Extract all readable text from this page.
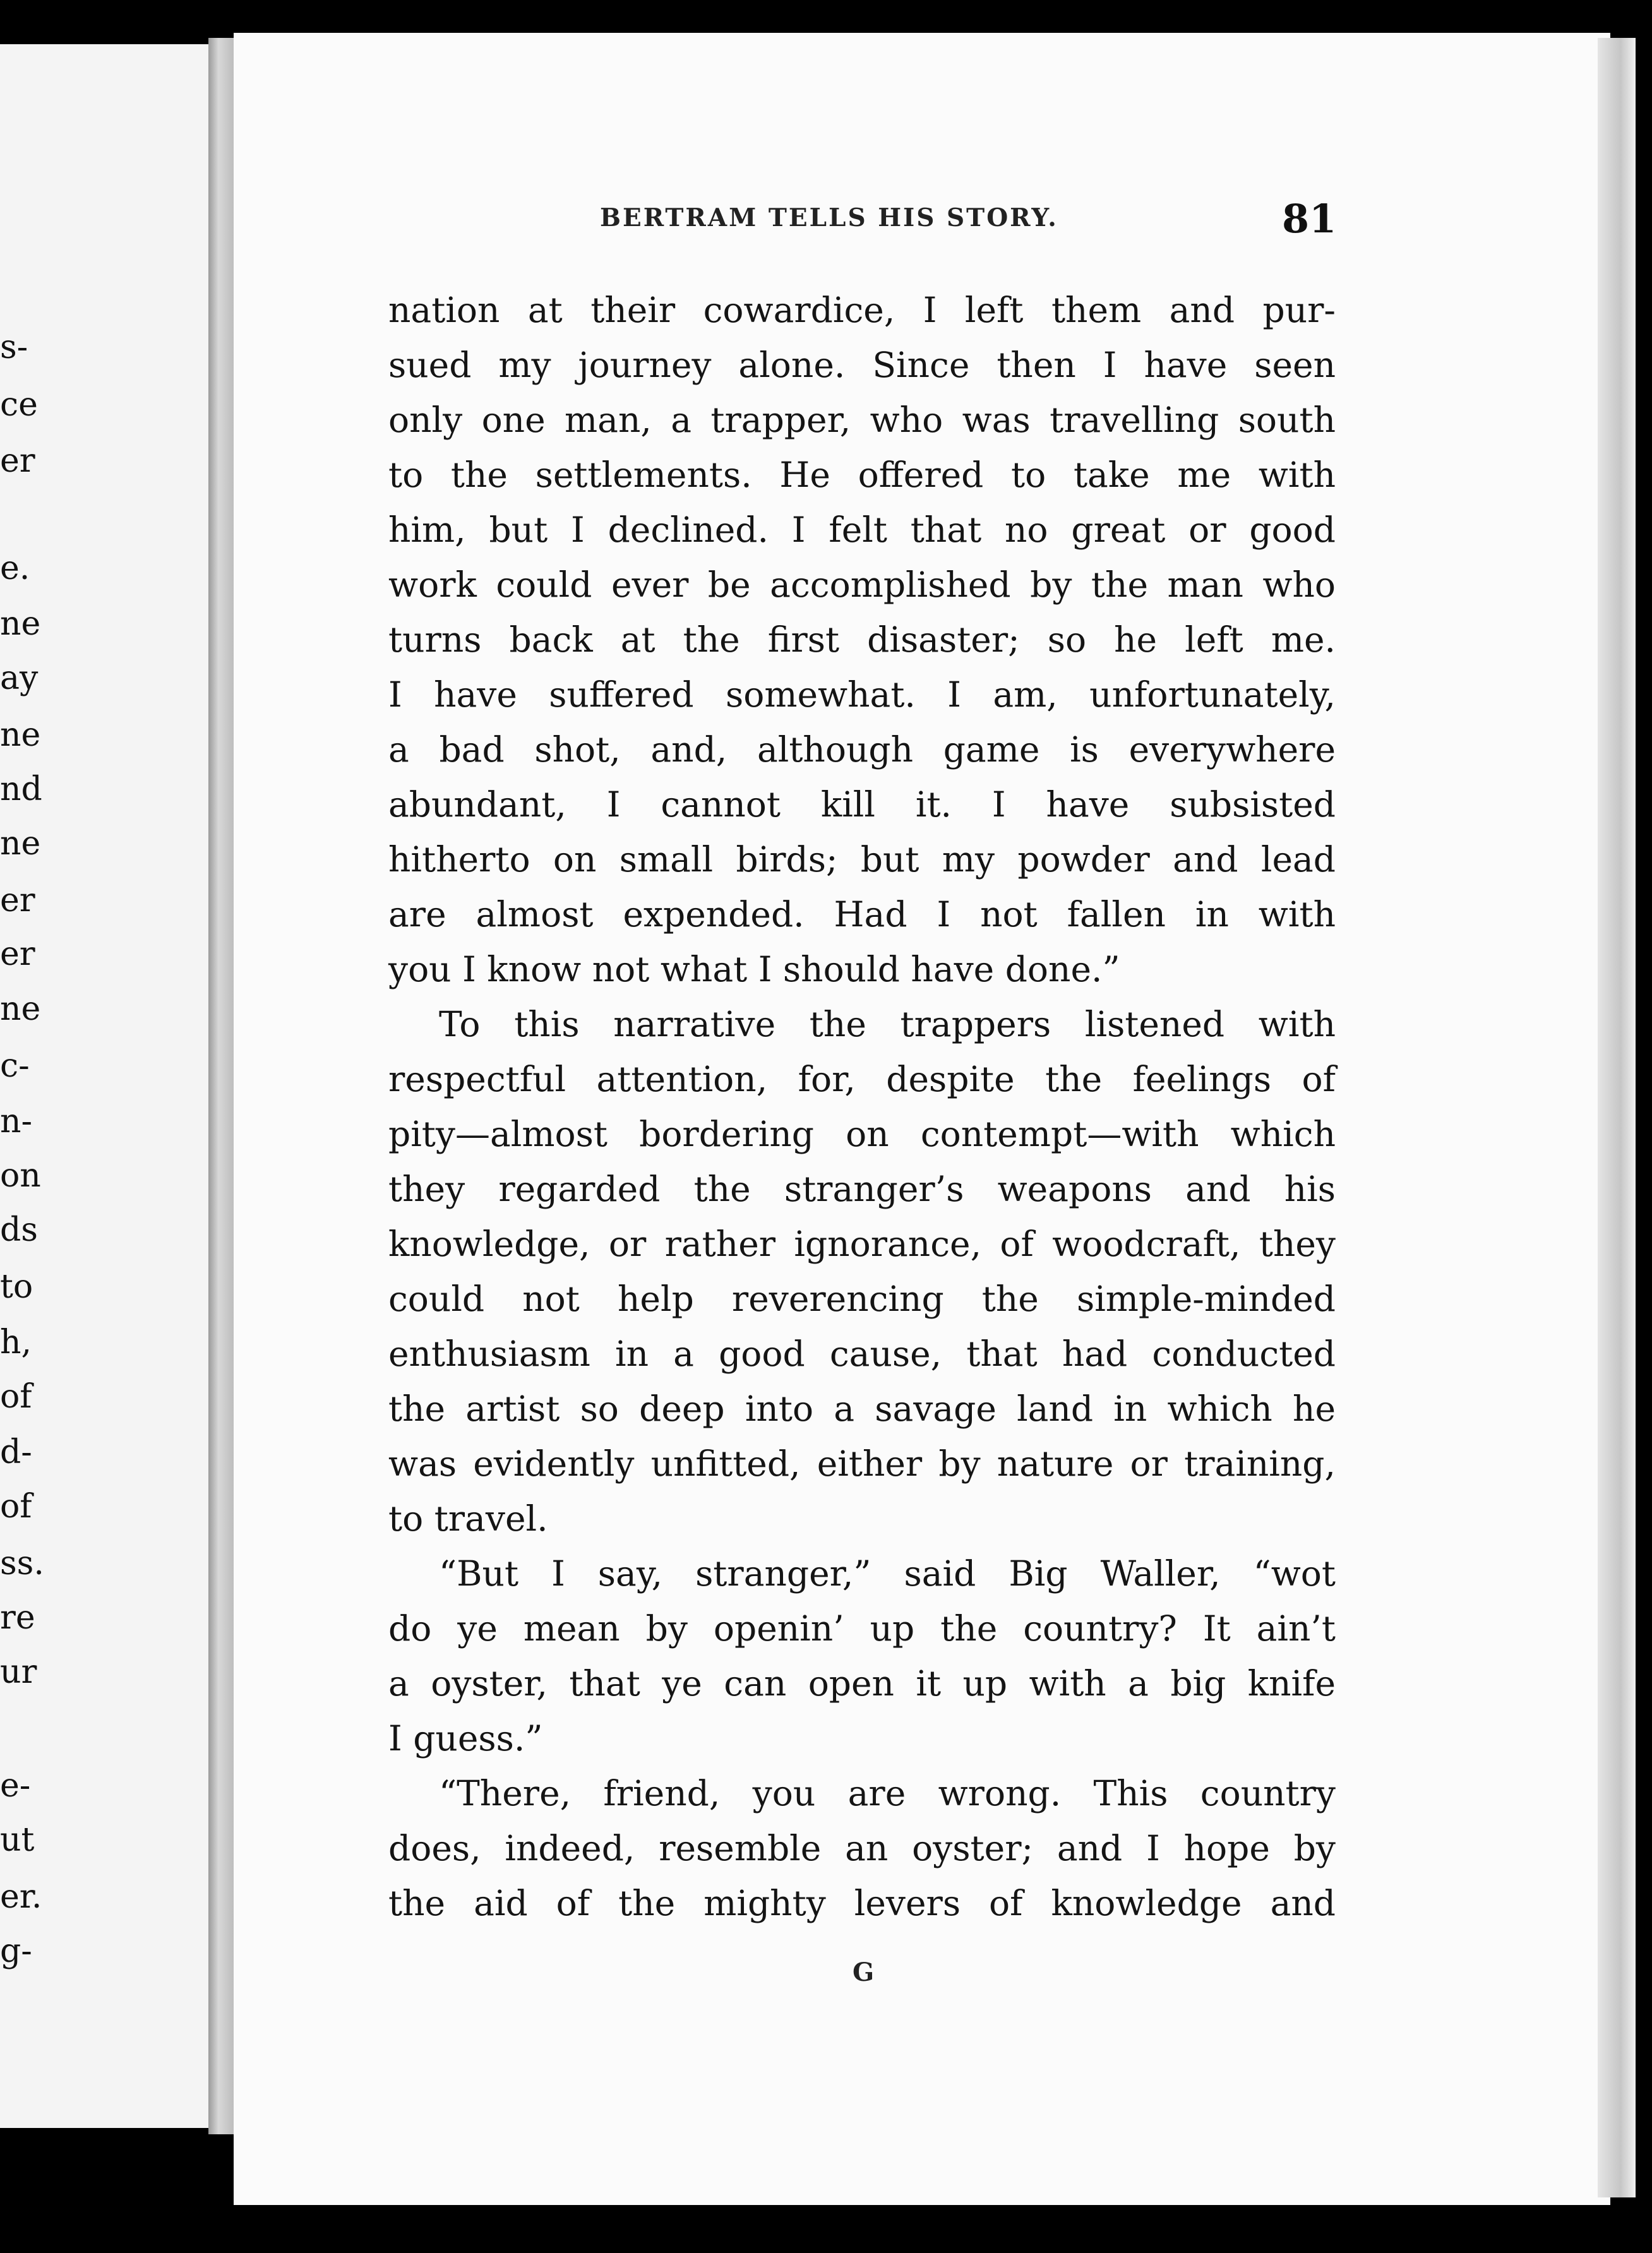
s-
ce
er
e.
ne
ay
ne
nd
ne
er
er
ne
c-
n-
on
ds
to
h,
of
d-
of
ss.
re
ur
e-
ut
er.
g-
BERTRAM TELLS HIS STORY.	81
nation at their cowardice, I left them and pur-
sued my journey alone. Since then I have seen
only one man, a trapper, who was travelling south
to the settlements. He offered to take me with
him, but I declined. I felt that no great or good
work could ever be accomplished by the man who
turns back at the first disaster; so he left me.
I have suffered somewhat. I am, unfortunately,
a bad shot, and, although game is everywhere
abundant, I cannot kill it. I have subsisted
hitherto on small birds; but my powder and lead
are almost expended. Had I not fallen in with
you I know not what I should have done.”
To this narrative the trappers listened with
respectful attention, for, despite the feelings of
pity—almost bordering on contempt—with which
they regarded the stranger’s weapons and his
knowledge, or rather ignorance, of woodcraft, they
could not help reverencing the simple-minded
enthusiasm in a good cause, that had conducted
the artist so deep into a savage land in which he
was evidently unfitted, either by nature or training,
to travel.
“But I say, stranger,” said Big Waller, “wot
do ye mean by openin’ up the country? It ain’t
a oyster, that ye can open it up with a big knife
I guess.”
“There, friend, you are wrong. This country
does, indeed, resemble an oyster; and I hope by
the aid of the mighty levers of knowledge and
G
